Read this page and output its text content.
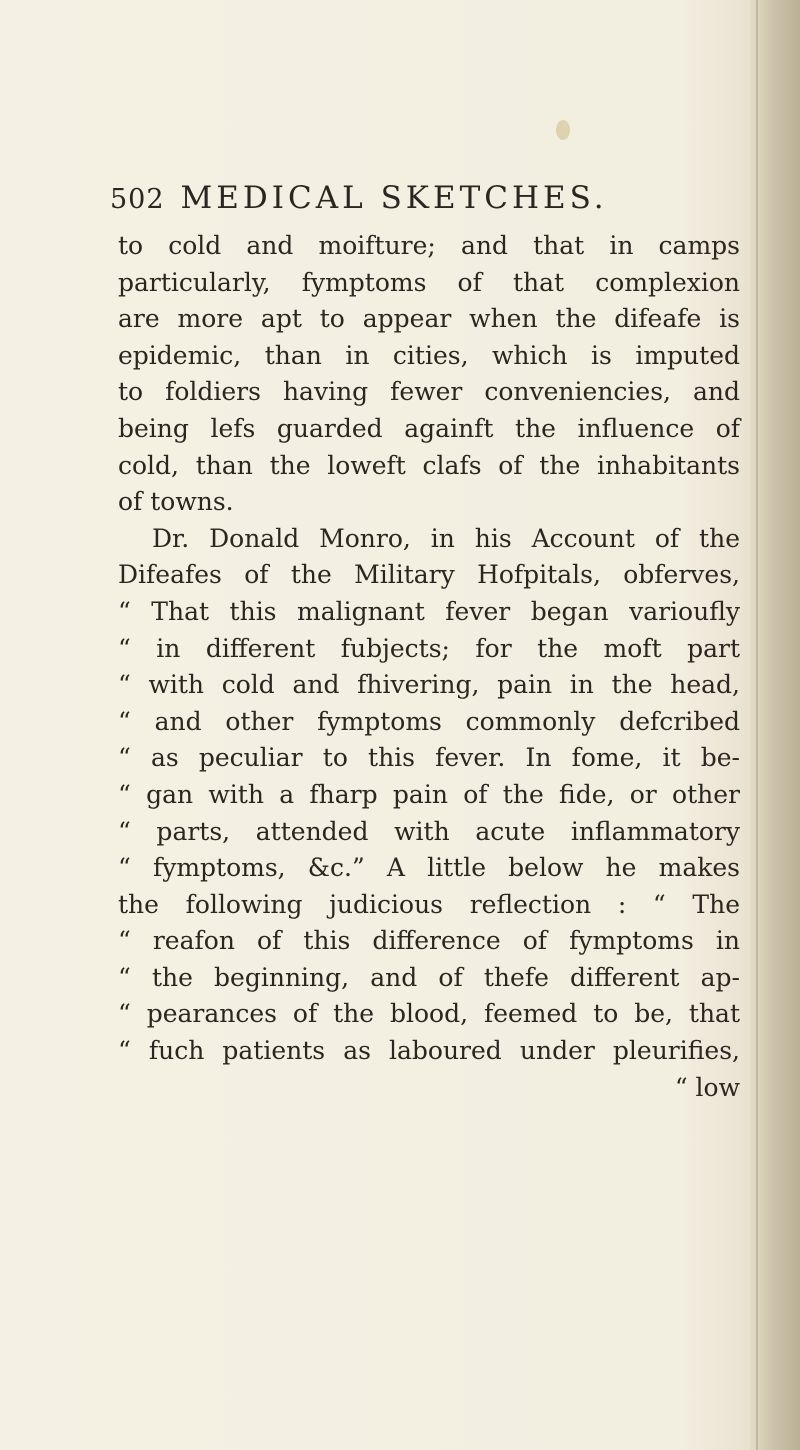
502 MEDICAL SKETCHES.
to cold and moifture; and that in camps
particularly, fymptoms of that complexion
are more apt to appear when the difeafe is
epidemic, than in cities, which is imputed
to foldiers having fewer conveniencies, and
being lefs guarded againft the influence of
cold, than the loweft clafs of the inhabitants
of towns.
Dr. Donald Monro, in his Account of the
Difeafes of the Military Hofpitals, obferves,
“ That this malignant fever began varioufly
“ in different fubjects; for the moft part
“ with cold and fhivering, pain in the head,
“ and other fymptoms commonly defcribed
“ as peculiar to this fever. In fome, it be-
“ gan with a fharp pain of the fide, or other
“ parts, attended with acute inflammatory
“ fymptoms, &c.” A little below he makes
the following judicious reflection : “ The
“ reafon of this difference of fymptoms in
“ the beginning, and of thefe different ap-
“ pearances of the blood, feemed to be, that
“ fuch patients as laboured under pleurifies,
“ low
